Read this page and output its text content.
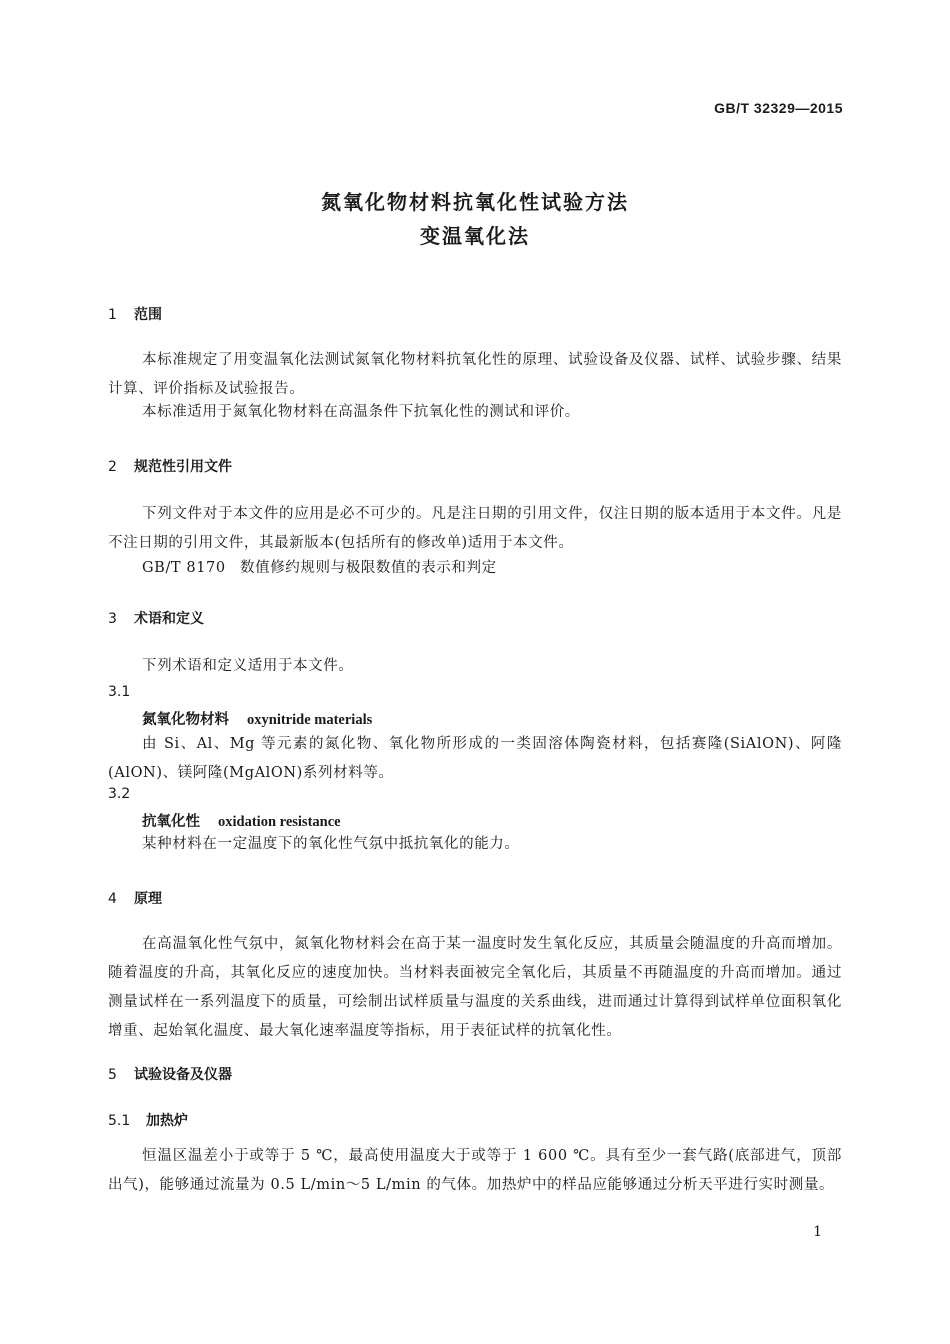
GB/T 32329—2015
氮氧化物材料抗氧化性试验方法
变温氧化法
1 范围
本标准规定了用变温氧化法测试氮氧化物材料抗氧化性的原理、试验设备及仪器、试样、试验步骤、结果计算、评价指标及试验报告。
本标准适用于氮氧化物材料在高温条件下抗氧化性的测试和评价。
2 规范性引用文件
下列文件对于本文件的应用是必不可少的。凡是注日期的引用文件，仅注日期的版本适用于本文件。凡是不注日期的引用文件，其最新版本(包括所有的修改单)适用于本文件。
GB/T 8170 数值修约规则与极限数值的表示和判定
3 术语和定义
下列术语和定义适用于本文件。
3.1
氮氧化物材料 oxynitride materials
由 Si、Al、Mg 等元素的氮化物、氧化物所形成的一类固溶体陶瓷材料，包括赛隆(SiAlON)、阿隆(AlON)、镁阿隆(MgAlON)系列材料等。
3.2
抗氧化性 oxidation resistance
某种材料在一定温度下的氧化性气氛中抵抗氧化的能力。
4 原理
在高温氧化性气氛中，氮氧化物材料会在高于某一温度时发生氧化反应，其质量会随温度的升高而增加。随着温度的升高，其氧化反应的速度加快。当材料表面被完全氧化后，其质量不再随温度的升高而增加。通过测量试样在一系列温度下的质量，可绘制出试样质量与温度的关系曲线，进而通过计算得到试样单位面积氧化增重、起始氧化温度、最大氧化速率温度等指标，用于表征试样的抗氧化性。
5 试验设备及仪器
5.1 加热炉
恒温区温差小于或等于 5 ℃，最高使用温度大于或等于 1 600 ℃。具有至少一套气路(底部进气，顶部出气)，能够通过流量为 0.5 L/min～5 L/min 的气体。加热炉中的样品应能够通过分析天平进行实时测量。
1
